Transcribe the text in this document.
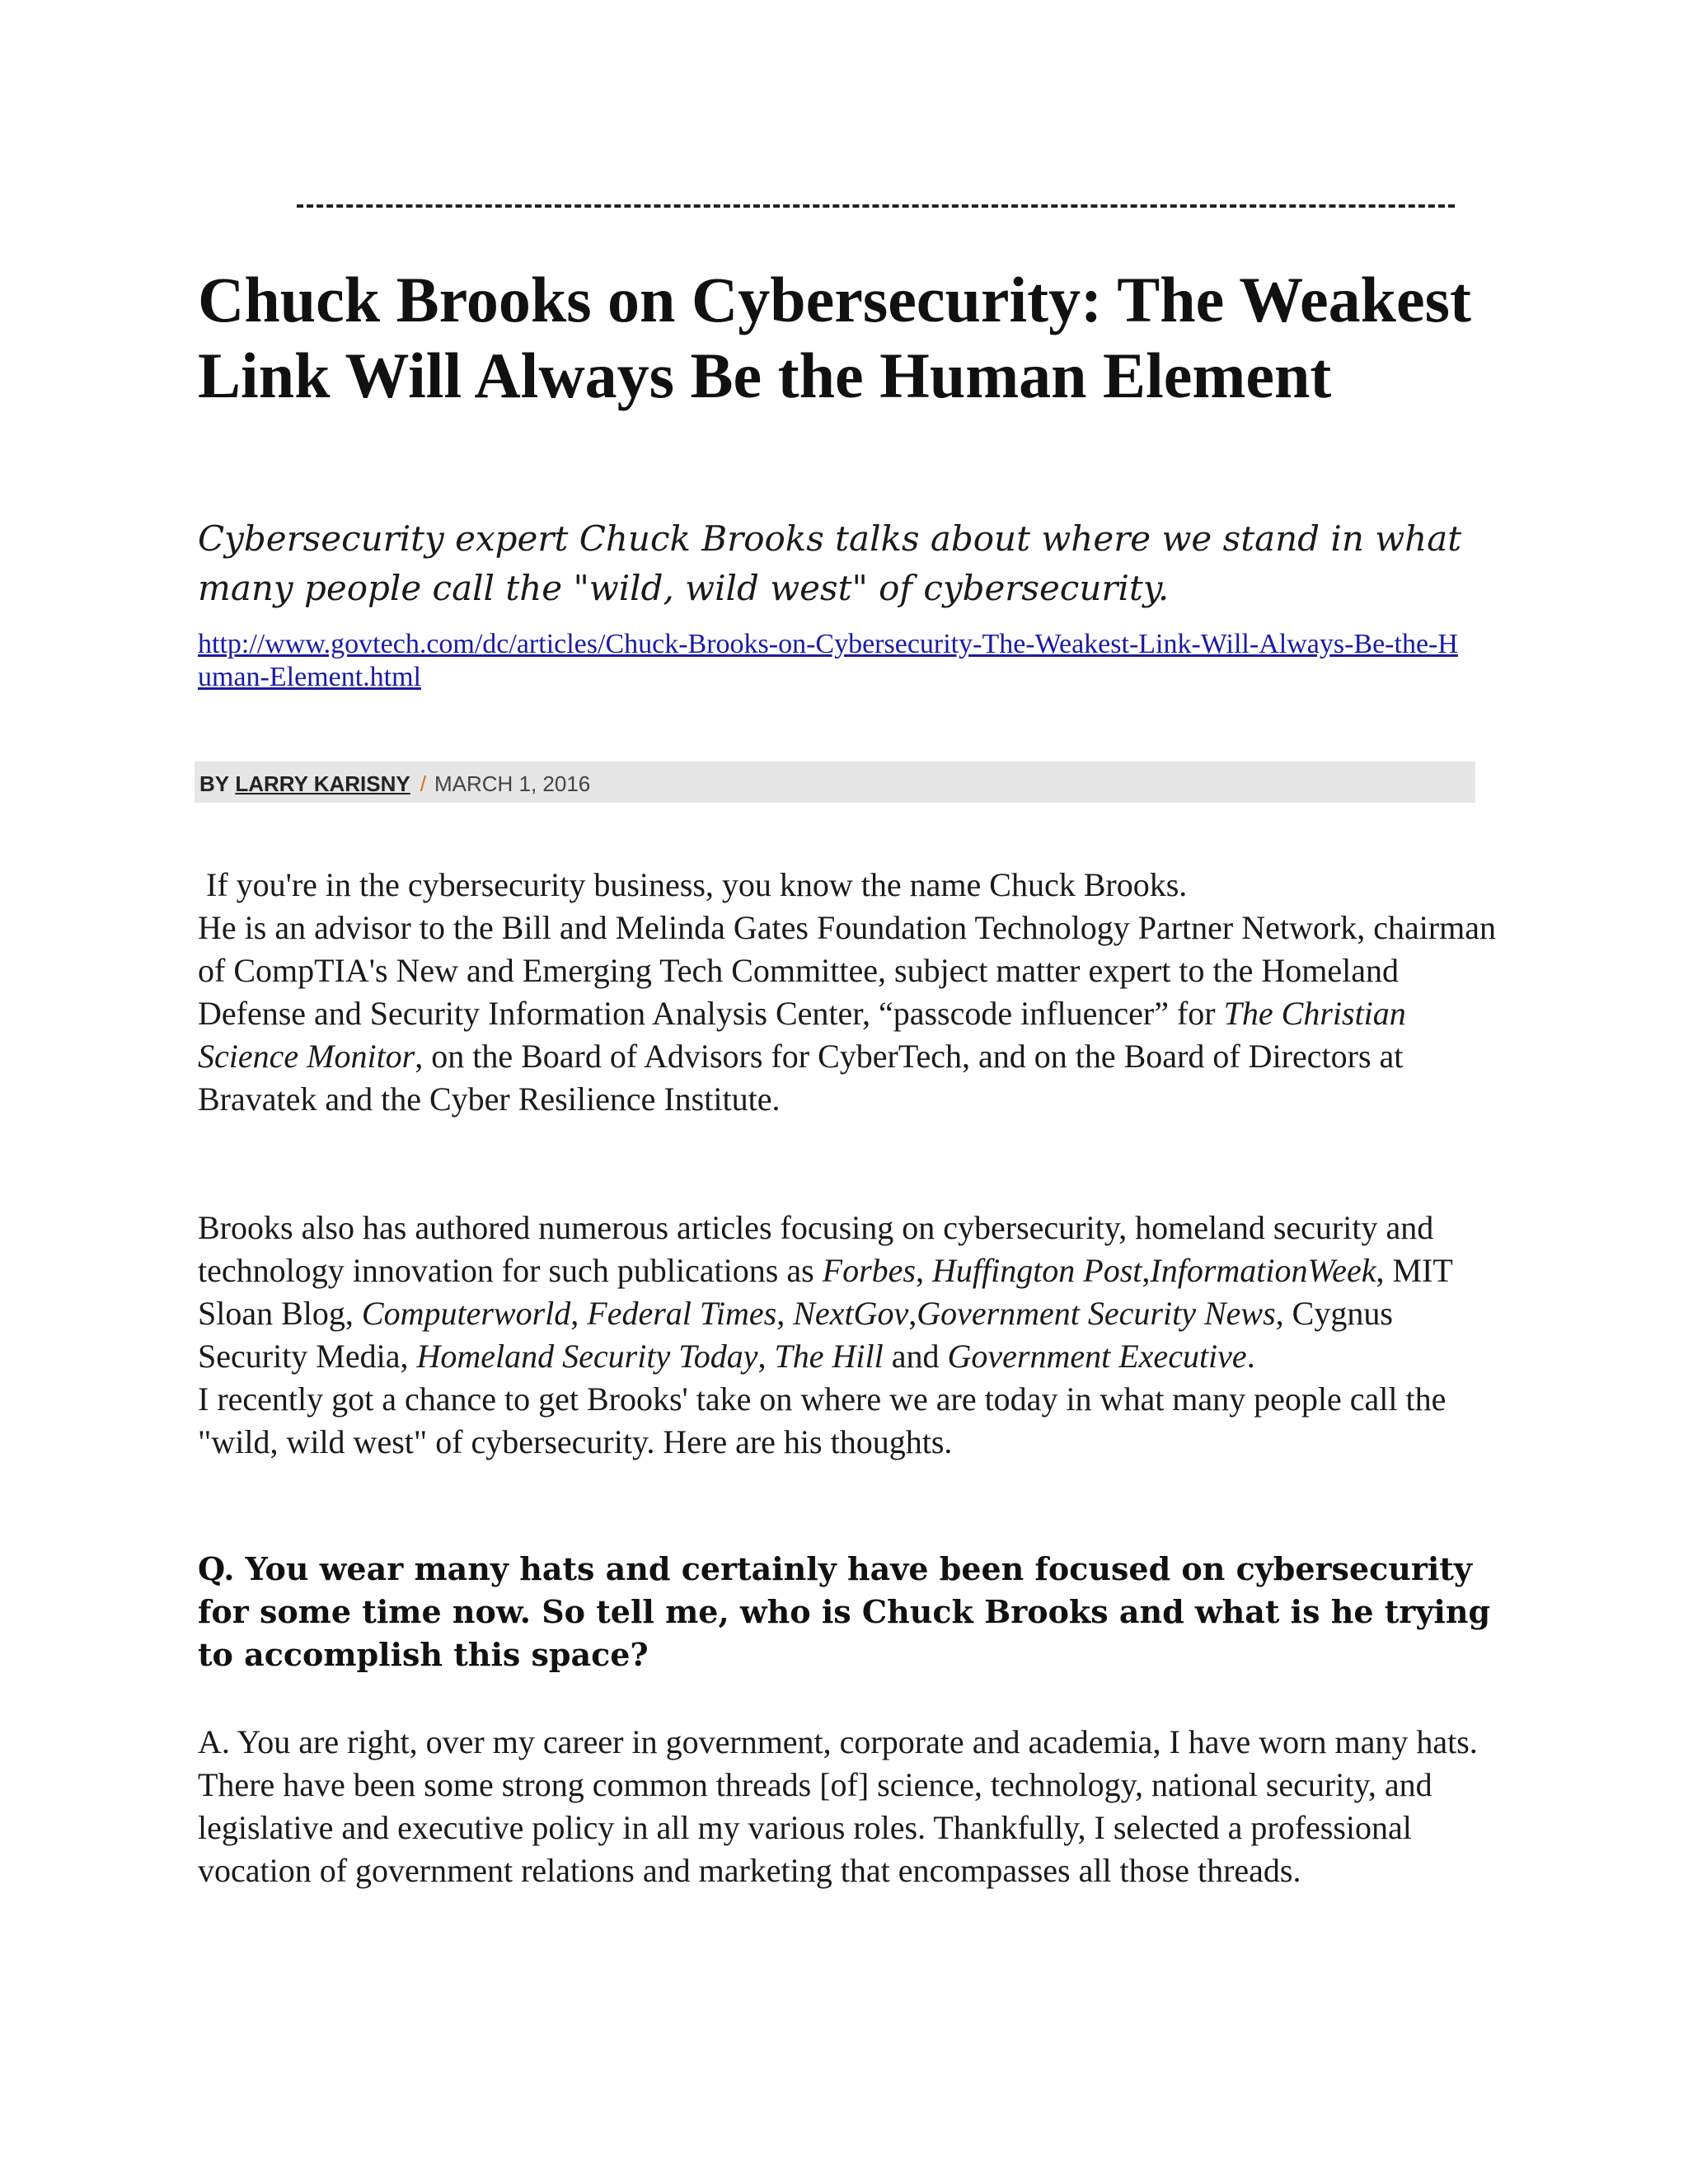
Chuck Brooks on Cybersecurity: The Weakest Link Will Always Be the Human Element

Cybersecurity expert Chuck Brooks talks about where we stand in what many people call the "wild, wild west" of cybersecurity.

http://www.govtech.com/dc/articles/Chuck-Brooks-on-Cybersecurity-The-Weakest-Link-Will-Always-Be-the-Human-Element.html

BY LARRY KARISNY / MARCH 1, 2016

If you're in the cybersecurity business, you know the name Chuck Brooks.
He is an advisor to the Bill and Melinda Gates Foundation Technology Partner Network, chairman of CompTIA's New and Emerging Tech Committee, subject matter expert to the Homeland Defense and Security Information Analysis Center, “passcode influencer” for The Christian Science Monitor, on the Board of Advisors for CyberTech, and on the Board of Directors at Bravatek and the Cyber Resilience Institute.

Brooks also has authored numerous articles focusing on cybersecurity, homeland security and technology innovation for such publications as Forbes, Huffington Post,InformationWeek, MIT Sloan Blog, Computerworld, Federal Times, NextGov,Government Security News, Cygnus Security Media, Homeland Security Today, The Hill and Government Executive.
I recently got a chance to get Brooks' take on where we are today in what many people call the "wild, wild west" of cybersecurity. Here are his thoughts.

Q. You wear many hats and certainly have been focused on cybersecurity for some time now. So tell me, who is Chuck Brooks and what is he trying to accomplish this space?

A. You are right, over my career in government, corporate and academia, I have worn many hats. There have been some strong common threads [of] science, technology, national security, and legislative and executive policy in all my various roles. Thankfully, I selected a professional vocation of government relations and marketing that encompasses all those threads.
